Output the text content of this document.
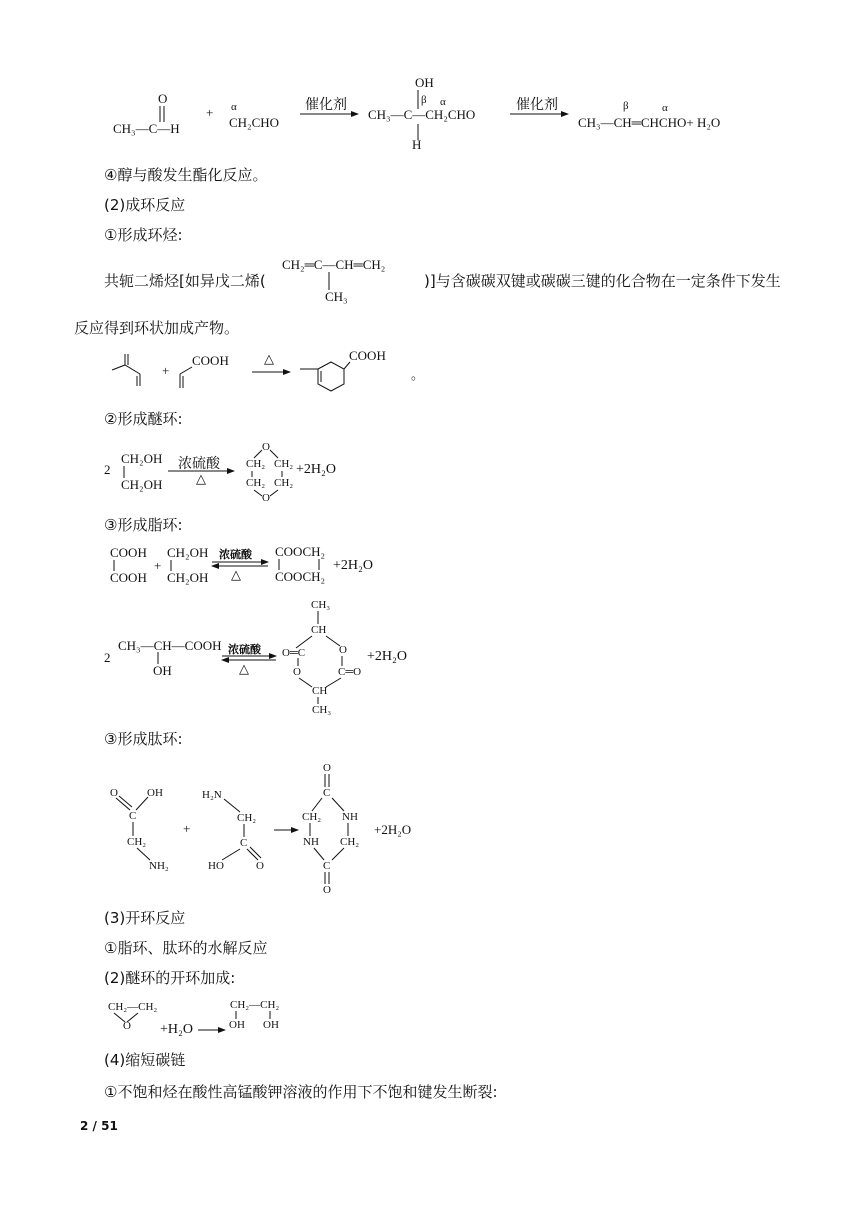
O
CH₃—C—H
+ α
CH₂CHO
催化剂
OH
β α
CH₃—C—CH₂CHO
H
催化剂	β	α
CH₃—CH═CHCHO+ H₂O
④醇与酸发生酯化反应。
(2)成环反应
①形成环烃:
共轭二烯烃[如异戊二烯(
CH₂═C—CH═CH₂
CH₃
)]与含碳碳双键或碳碳三键的化合物在一定条件下发生
反应得到环状加成产物。
+
COOH	△	COOH
。
②形成醚环:
2
CH₂OH
CH₂OH
浓硫酸
△
O
CH₂ CH₂
CH₂ CH₂
O
+2H₂O
③形成脂环:
COOH
COOH
+
CH₂OH
CH₂OH
浓硫酸
△
COOCH₂
COOCH₂
+2H₂O
CH₃
CH
2
CH₃—CH—COOH
OH
浓硫酸
△
O═C	O
O	C═O
CH
CH₃
+2H₂O
③形成肽环:
O	OH
C
CH₂
NH₂
+
H₂N
CH₂
C
HO	O
O
C
CH₂ NH
NH CH₂
C
O
+2H₂O
(3)开环反应
①脂环、肽环的水解反应
(2)醚环的开环加成:
CH₂—CH₂
O +H₂O
CH₂—CH₂
OH OH
(4)缩短碳链
①不饱和烃在酸性高锰酸钾溶液的作用下不饱和键发生断裂:
2 / 51
